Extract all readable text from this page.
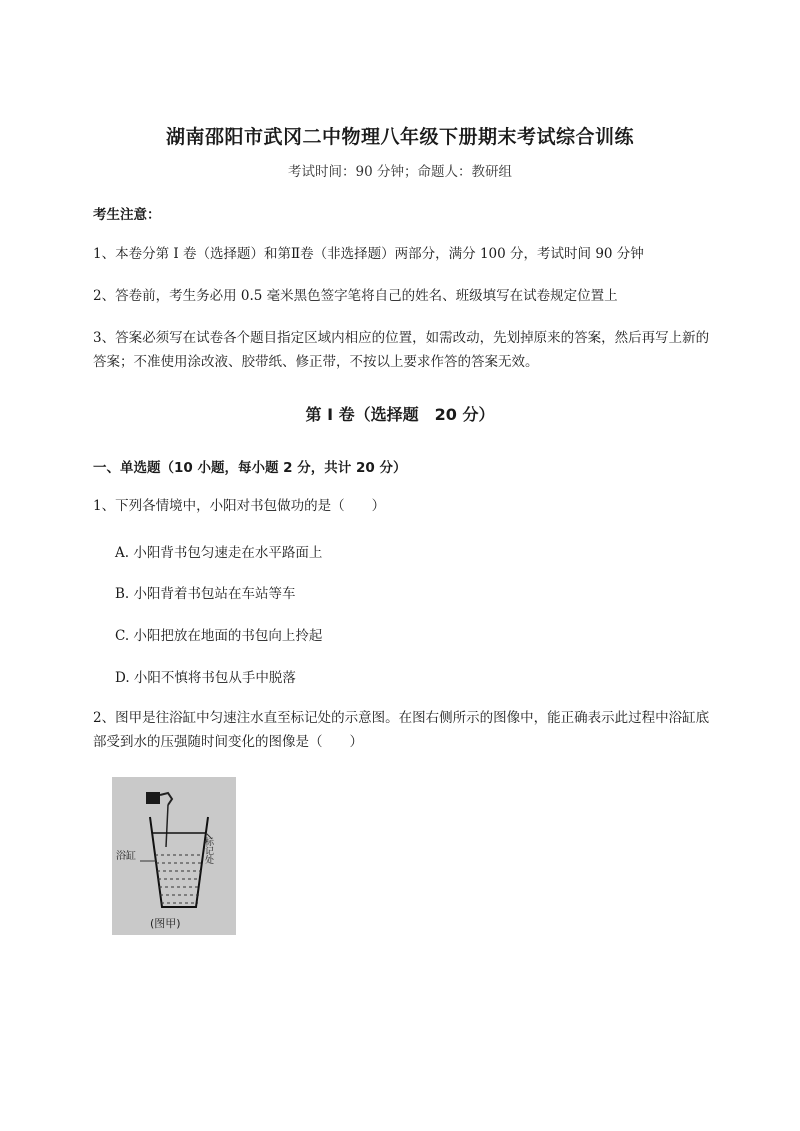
湖南邵阳市武冈二中物理八年级下册期末考试综合训练
考试时间：90 分钟；命题人：教研组
考生注意：
1、本卷分第 I 卷（选择题）和第Ⅱ卷（非选择题）两部分，满分 100 分，考试时间 90 分钟
2、答卷前，考生务必用 0.5 毫米黑色签字笔将自己的姓名、班级填写在试卷规定位置上
3、答案必须写在试卷各个题目指定区域内相应的位置，如需改动，先划掉原来的答案，然后再写上新的答案；不准使用涂改液、胶带纸、修正带，不按以上要求作答的答案无效。
第 I 卷（选择题　20 分）
一、单选题（10 小题，每小题 2 分，共计 20 分）
1、下列各情境中，小阳对书包做功的是（　　）
A. 小阳背书包匀速走在水平路面上
B. 小阳背着书包站在车站等车
C. 小阳把放在地面的书包向上拎起
D. 小阳不慎将书包从手中脱落
2、图甲是往浴缸中匀速注水直至标记处的示意图。在图右侧所示的图像中，能正确表示此过程中浴缸底部受到水的压强随时间变化的图像是（　　）
浴缸	标记处
(图甲)
